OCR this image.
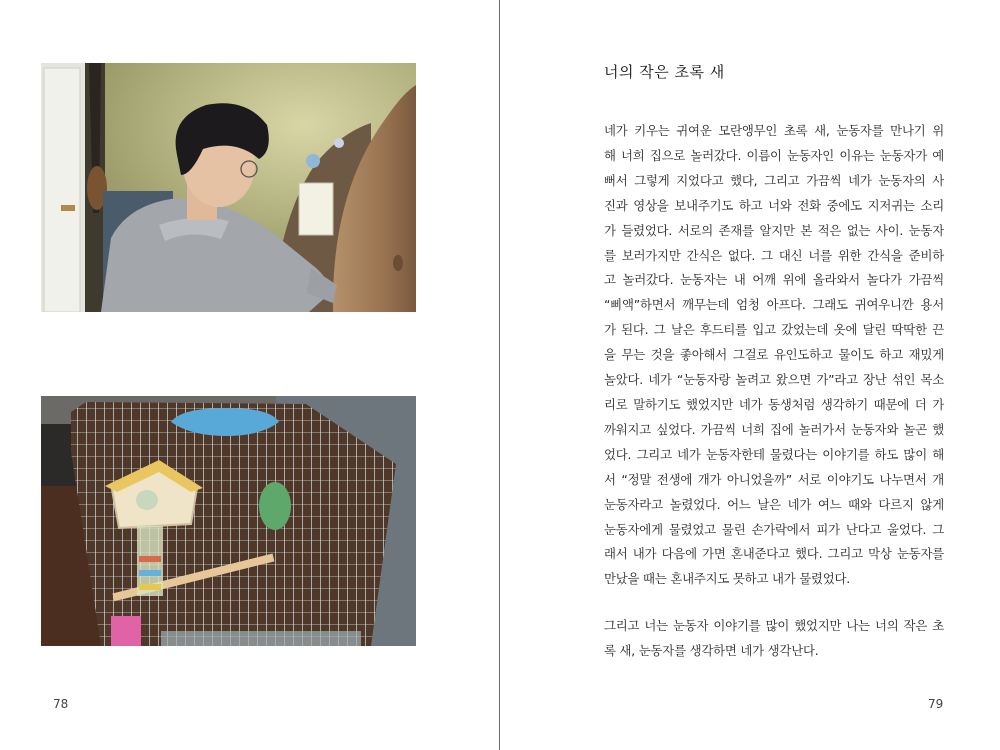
78
너의 작은 초록 새

네가 키우는 귀여운 모란앵무인 초록 새, 눈동자를 만나기 위
해 너희 집으로 놀러갔다. 이름이 눈동자인 이유는 눈동자가 예
뻐서 그렇게 지었다고 했다, 그리고 가끔씩 네가 눈동자의 사
진과 영상을 보내주기도 하고 너와 전화 중에도 지저귀는 소리
가 들렸었다. 서로의 존재를 알지만 본 적은 없는 사이. 눈동자
를 보러가지만 간식은 없다. 그 대신 너를 위한 간식을 준비하
고 놀러갔다. 눈동자는 내 어깨 위에 올라와서 놀다가 가끔씩
“삐액”하면서 깨무는데 엄청 아프다. 그래도 귀여우니깐 용서
가 된다. 그 날은 후드티를 입고 갔었는데 옷에 달린 딱딱한 끈
을 무는 것을 좋아해서 그걸로 유인도하고 물이도 하고 재밌게
놀았다. 네가 “눈동자랑 놀려고 왔으면 가”라고 장난 섞인 목소
리로 말하기도 했었지만 네가 동생처럼 생각하기 때문에 더 가
까워지고 싶었다. 가끔씩 너희 집에 놀러가서 눈동자와 놀곤 했
었다. 그리고 네가 눈동자한테 물렸다는 이야기를 하도 많이 해
서 “정말 전생에 개가 아니었을까” 서로 이야기도 나누면서 개
눈동자라고 놀렸었다. 어느 날은 네가 여느 때와 다르지 않게
눈동자에게 물렸었고 물린 손가락에서 피가 난다고 울었다. 그
래서 내가 다음에 가면 혼내준다고 했다. 그리고 막상 눈동자를
만났을 때는 혼내주지도 못하고 내가 물렸었다.

그리고 너는 눈동자 이야기를 많이 했었지만 나는 너의 작은 초
록 새, 눈동자를 생각하면 네가 생각난다.

79
